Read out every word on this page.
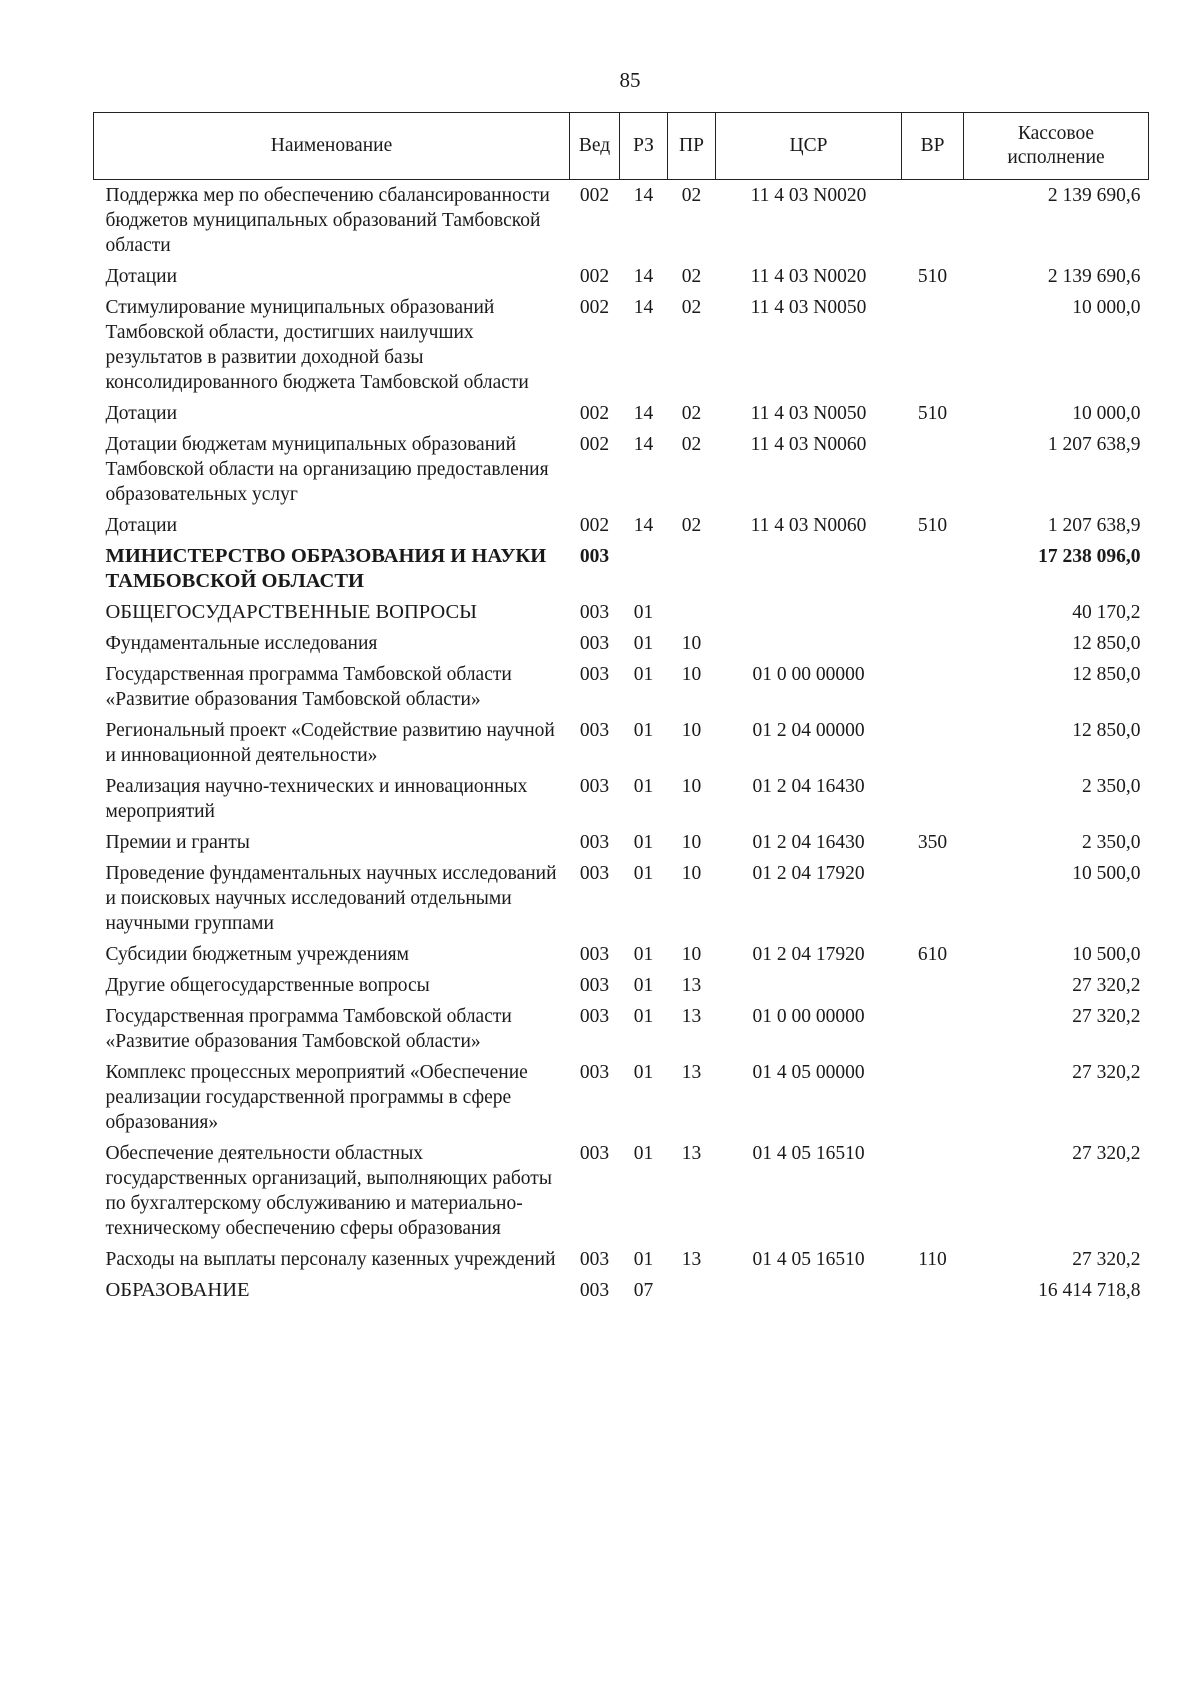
85
Наименование	Вед	РЗ	ПР	ЦСР	ВР	Кассовое исполнение
Поддержка мер по обеспечению сбалансированности бюджетов муниципальных образований Тамбовской области	002	14	02	11 4 03 N0020		2 139 690,6
Дотации	002	14	02	11 4 03 N0020	510	2 139 690,6
Стимулирование муниципальных образований Тамбовской области, достигших наилучших результатов в развитии доходной базы консолидированного бюджета Тамбовской области	002	14	02	11 4 03 N0050		10 000,0
Дотации	002	14	02	11 4 03 N0050	510	10 000,0
Дотации бюджетам муниципальных образований Тамбовской области на организацию предоставления образовательных услуг	002	14	02	11 4 03 N0060		1 207 638,9
Дотации	002	14	02	11 4 03 N0060	510	1 207 638,9
МИНИСТЕРСТВО ОБРАЗОВАНИЯ И НАУКИ ТАМБОВСКОЙ ОБЛАСТИ	003					17 238 096,0
ОБЩЕГОСУДАРСТВЕННЫЕ ВОПРОСЫ	003	01				40 170,2
Фундаментальные исследования	003	01	10			12 850,0
Государственная программа Тамбовской области «Развитие образования Тамбовской области»	003	01	10	01 0 00 00000		12 850,0
Региональный проект «Содействие развитию научной и инновационной деятельности»	003	01	10	01 2 04 00000		12 850,0
Реализация научно-технических и инновационных мероприятий	003	01	10	01 2 04 16430		2 350,0
Премии и гранты	003	01	10	01 2 04 16430	350	2 350,0
Проведение фундаментальных научных исследований и поисковых научных исследований отдельными научными группами	003	01	10	01 2 04 17920		10 500,0
Субсидии бюджетным учреждениям	003	01	10	01 2 04 17920	610	10 500,0
Другие общегосударственные вопросы	003	01	13			27 320,2
Государственная программа Тамбовской области «Развитие образования Тамбовской области»	003	01	13	01 0 00 00000		27 320,2
Комплекс процессных мероприятий «Обеспечение реализации государственной программы в сфере образования»	003	01	13	01 4 05 00000		27 320,2
Обеспечение деятельности областных государственных организаций, выполняющих работы по бухгалтерскому обслуживанию и материально-техническому обеспечению сферы образования	003	01	13	01 4 05 16510		27 320,2
Расходы на выплаты персоналу казенных учреждений	003	01	13	01 4 05 16510	110	27 320,2
ОБРАЗОВАНИЕ	003	07				16 414 718,8
